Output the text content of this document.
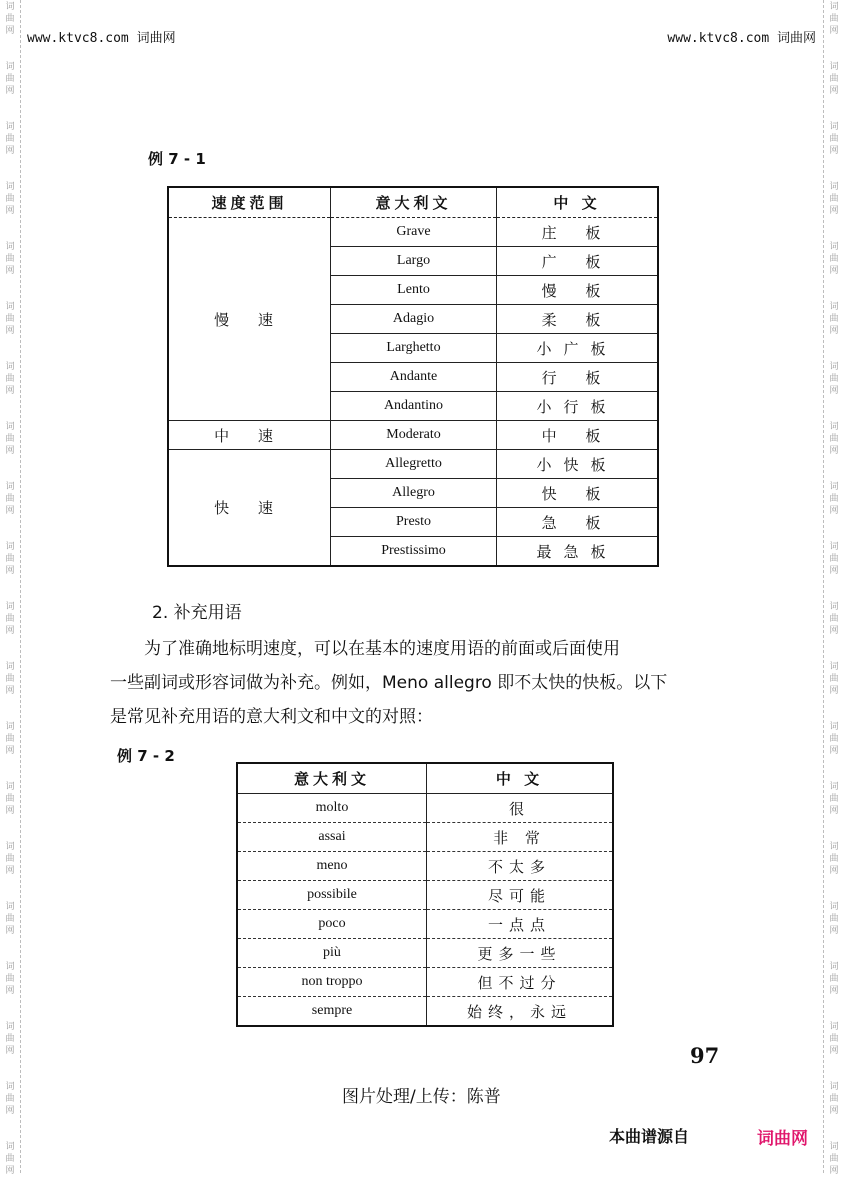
词
曲
网
词
曲
网
词
曲
网
词
曲
网
词
曲
网
词
曲
网
词
曲
网
词
曲
网
词
曲
网
词
曲
网
词
曲
网
词
曲
网
词
曲
网
词
曲
网
词
曲
网
词
曲
网
词
曲
网
词
曲
网
词
曲
网
词
曲
网
词
曲
网
词
曲
网
词
曲
网
词
曲
网
词
曲
网
词
曲
网
词
曲
网
词
曲
网
词
曲
网
词
曲
网
词
曲
网
词
曲
网
词
曲
网
词
曲
网
词
曲
网
词
曲
网
词
曲
网
词
曲
网
词
曲
网
词
曲
网
www.ktvc8.com 词曲网	www.ktvc8.com 词曲网
例 7 - 1
速度范围	意大利文	中 文
慢 速	Grave	庄 板
	Largo	广 板
	Lento	慢 板
	Adagio	柔 板
	Larghetto	小广板
	Andante	行 板
	Andantino	小行板
中 速	Moderato	中 板
快 速	Allegretto	小快板
	Allegro	快 板
	Presto	急 板
	Prestissimo	最急板
2. 补充用语
为了准确地标明速度，可以在基本的速度用语的前面或后面使用
一些副词或形容词做为补充。例如，Meno allegro 即不太快的快板。以下
是常见补充用语的意大利文和中文的对照：
例 7 - 2
意大利文	中 文
molto	很
assai	非 常
meno	不太多
possibile	尽可能
poco	一点点
più	更多一些
non troppo	但不过分
sempre	始终，永远
97
图片处理/上传：陈普
本曲谱源自	词曲网
